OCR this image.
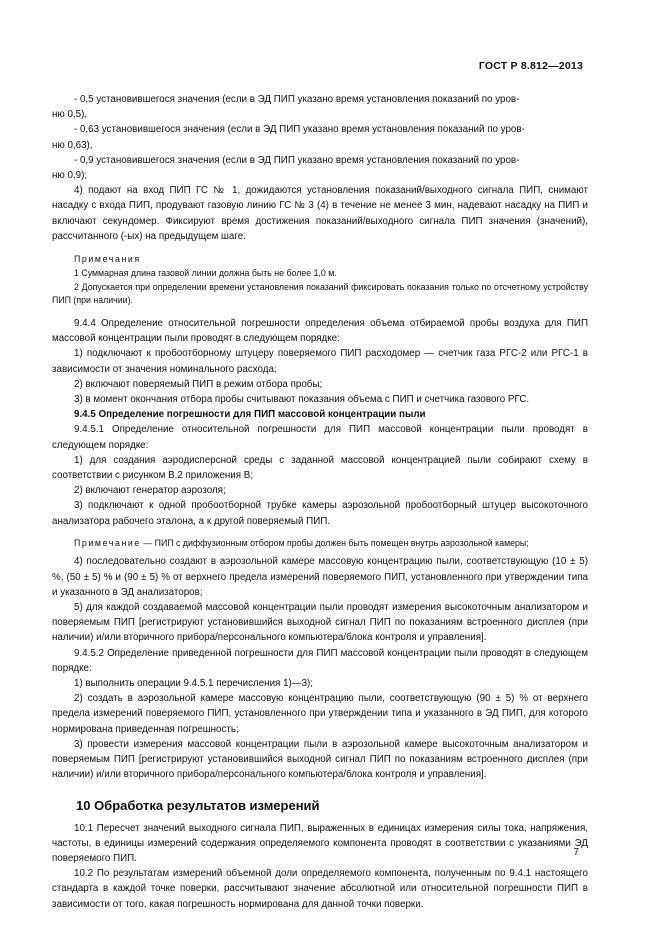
ГОСТ Р 8.812—2013

- 0,5 установившегося значения (если в ЭД ПИП указано время установления показаний по уров-

ню 0,5),

- 0,63 установившегося значения (если в ЭД ПИП указано время установления показаний по уров-

ню 0,63),

- 0,9 установившегося значения (если в ЭД ПИП указано время установления показаний по уров-

ню 0,9);

4) подают на вход ПИП ГС № 1, дожидаются установления показаний/выходного сигнала ПИП, снимают насадку с входа ПИП, продувают газовую линию ГС № 3 (4) в течение не менее 3 мин, надевают насадку на ПИП и включают секундомер. Фиксируют время достижения показаний/выходного сигнала ПИП значения (значений), рассчитанного (-ых) на предыдущем шаге.

Примечания

1 Суммарная длина газовой линии должна быть не более 1,0 м.

2 Допускается при определении времени установления показаний фиксировать показания только по отсчетному устройству ПИП (при наличии).

9.4.4 Определение относительной погрешности определения объема отбираемой пробы воздуха для ПИП массовой концентрации пыли проводят в следующем порядке:

1) подключают к пробоотборному штуцеру поверяемого ПИП расходомер — счетчик газа РГС-2 или РГС-1 в зависимости от значения номинального расхода;

2) включают поверяемый ПИП в режим отбора пробы;

3) в момент окончания отбора пробы считывают показания объема с ПИП и счетчика газового РГС.

9.4.5 Определение погрешности для ПИП массовой концентрации пыли

9.4.5.1 Определение относительной погрешности для ПИП массовой концентрации пыли проводят в следующем порядке:

1) для создания аэродисперсной среды с заданной массовой концентрацией пыли собирают схему в соответствии с рисунком В.2 приложения В;

2) включают генератор аэрозоля;

3) подключают к одной пробоотборной трубке камеры аэрозольной пробоотборный штуцер высокоточного анализатора рабочего эталона, а к другой поверяемый ПИП.

Примечание — ПИП с диффузионным отбором пробы должен быть помещен внутрь аэрозольной камеры;

4) последовательно создают в аэрозольной камере массовую концентрацию пыли, соответствующую (10 ± 5) %, (50 ± 5) % и (90 ± 5) % от верхнего предела измерений поверяемого ПИП, установленного при утверждении типа и указанного в ЭД анализаторов;

5) для каждой создаваемой массовой концентрации пыли проводят измерения высокоточным анализатором и поверяемым ПИП [регистрируют установившийся выходной сигнал ПИП по показаниям встроенного дисплея (при наличии) и/или вторичного прибора/персонального компьютера/блока контроля и управления].

9.4.5.2 Определение приведенной погрешности для ПИП массовой концентрации пыли проводят в следующем порядке:

1) выполнить операции 9.4.5.1 перечисления 1)—3);

2) создать в аэрозольной камере массовую концентрацию пыли, соответствующую (90 ± 5) % от верхнего предела измерений поверяемого ПИП, установленного при утверждении типа и указанного в ЭД ПИП, для которого нормирована приведенная погрешность;

3) провести измерения массовой концентрации пыли в аэрозольной камере высокоточным анализатором и поверяемым ПИП [регистрируют установившийся выходной сигнал ПИП по показаниям встроенного дисплея (при наличии) и/или вторичного прибора/персонального компьютера/блока контроля и управления].

10 Обработка результатов измерений

10.1 Пересчет значений выходного сигнала ПИП, выраженных в единицах измерения силы тока, напряжения, частоты, в единицы измерений содержания определяемого компонента проводят в соответствии с указаниями ЭД поверяемого ПИП.

10.2 По результатам измерений объемной доли определяемого компонента, полученным по 9.4.1 настоящего стандарта в каждой точке поверки, рассчитывают значение абсолютной или относительной погрешности ПИП в зависимости от того, какая погрешность нормирована для данной точки поверки.

7
